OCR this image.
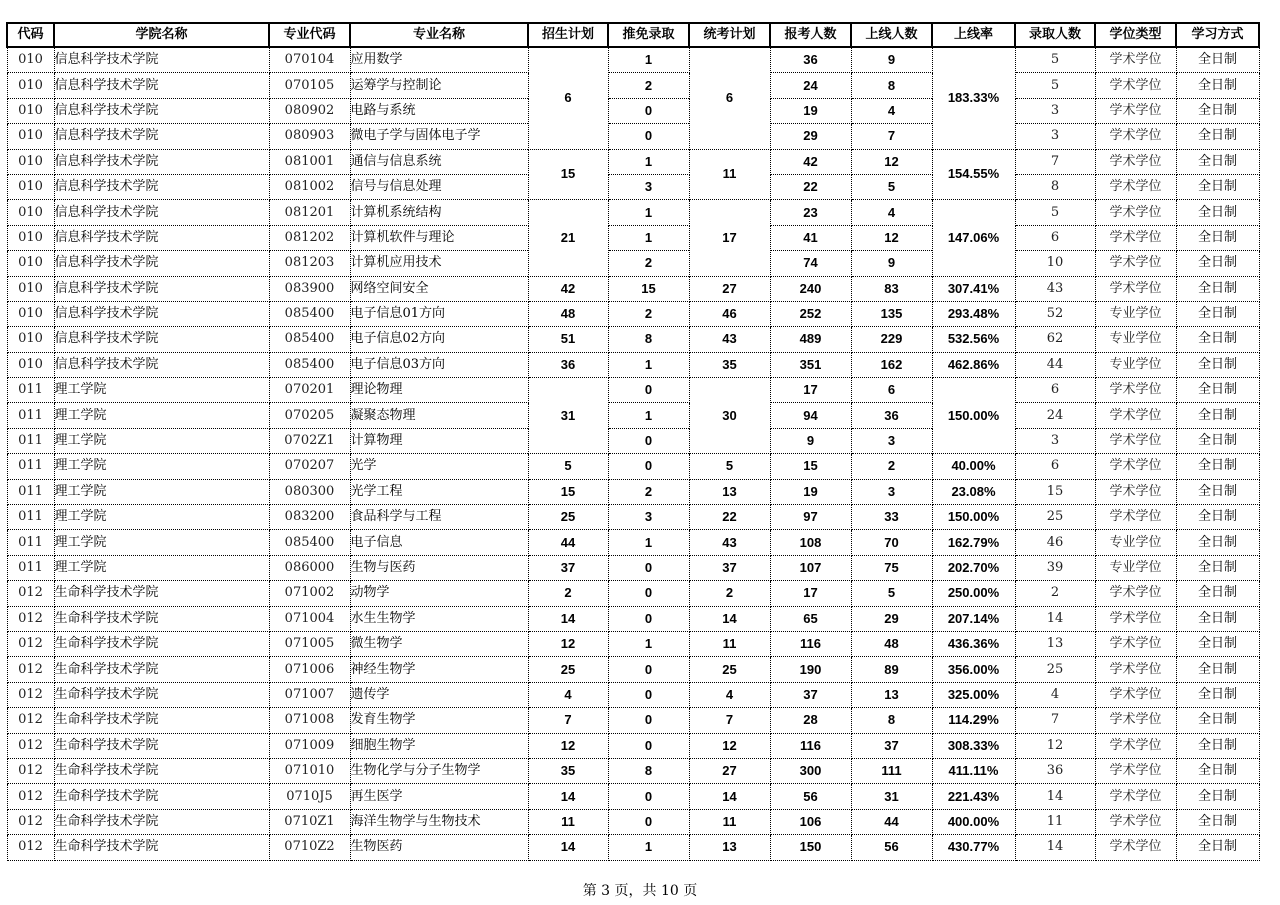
代码	学院名称	专业代码	专业名称	招生计划	推免录取	统考计划	报考人数	上线人数	上线率	录取人数	学位类型	学习方式
010	信息科学技术学院	070104	应用数学	6	1	6	36	9	183.33%	5	学术学位	全日制
010	信息科学技术学院	070105	运筹学与控制论		2		24	8		5	学术学位	全日制
010	信息科学技术学院	080902	电路与系统		0		19	4		3	学术学位	全日制
010	信息科学技术学院	080903	微电子学与固体电子学		0		29	7		3	学术学位	全日制
010	信息科学技术学院	081001	通信与信息系统	15	1	11	42	12	154.55%	7	学术学位	全日制
010	信息科学技术学院	081002	信号与信息处理		3		22	5		8	学术学位	全日制
010	信息科学技术学院	081201	计算机系统结构	21	1	17	23	4	147.06%	5	学术学位	全日制
010	信息科学技术学院	081202	计算机软件与理论		1		41	12		6	学术学位	全日制
010	信息科学技术学院	081203	计算机应用技术		2		74	9		10	学术学位	全日制
010	信息科学技术学院	083900	网络空间安全	42	15	27	240	83	307.41%	43	学术学位	全日制
010	信息科学技术学院	085400	电子信息01方向	48	2	46	252	135	293.48%	52	专业学位	全日制
010	信息科学技术学院	085400	电子信息02方向	51	8	43	489	229	532.56%	62	专业学位	全日制
010	信息科学技术学院	085400	电子信息03方向	36	1	35	351	162	462.86%	44	专业学位	全日制
011	理工学院	070201	理论物理	31	0	30	17	6	150.00%	6	学术学位	全日制
011	理工学院	070205	凝聚态物理		1		94	36		24	学术学位	全日制
011	理工学院	0702Z1	计算物理		0		9	3		3	学术学位	全日制
011	理工学院	070207	光学	5	0	5	15	2	40.00%	6	学术学位	全日制
011	理工学院	080300	光学工程	15	2	13	19	3	23.08%	15	学术学位	全日制
011	理工学院	083200	食品科学与工程	25	3	22	97	33	150.00%	25	学术学位	全日制
011	理工学院	085400	电子信息	44	1	43	108	70	162.79%	46	专业学位	全日制
011	理工学院	086000	生物与医药	37	0	37	107	75	202.70%	39	专业学位	全日制
012	生命科学技术学院	071002	动物学	2	0	2	17	5	250.00%	2	学术学位	全日制
012	生命科学技术学院	071004	水生生物学	14	0	14	65	29	207.14%	14	学术学位	全日制
012	生命科学技术学院	071005	微生物学	12	1	11	116	48	436.36%	13	学术学位	全日制
012	生命科学技术学院	071006	神经生物学	25	0	25	190	89	356.00%	25	学术学位	全日制
012	生命科学技术学院	071007	遗传学	4	0	4	37	13	325.00%	4	学术学位	全日制
012	生命科学技术学院	071008	发育生物学	7	0	7	28	8	114.29%	7	学术学位	全日制
012	生命科学技术学院	071009	细胞生物学	12	0	12	116	37	308.33%	12	学术学位	全日制
012	生命科学技术学院	071010	生物化学与分子生物学	35	8	27	300	111	411.11%	36	学术学位	全日制
012	生命科学技术学院	0710J5	再生医学	14	0	14	56	31	221.43%	14	学术学位	全日制
012	生命科学技术学院	0710Z1	海洋生物学与生物技术	11	0	11	106	44	400.00%	11	学术学位	全日制
012	生命科学技术学院	0710Z2	生物医药	14	1	13	150	56	430.77%	14	学术学位	全日制
第 3 页，共 10 页
